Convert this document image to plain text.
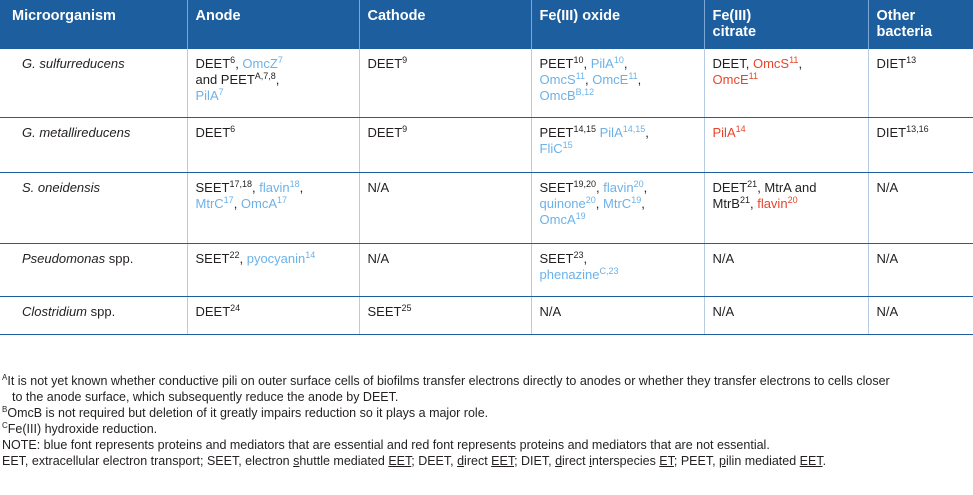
Microorganism	Anode	Cathode	Fe(III) oxide	Fe(III)
citrate	Other
bacteria
G. sulfurreducens	DEET$^6$, OmcZ$^7$
and $PEET^{A,7,8}$,
PilA$^7$	DEET$^9$	PEET$^{10}$, PilA$^{10}$,
OmcS$^{11}$, OmcE$^{11}$,
OmcB$^{B,12}$	DEET, OmcS$^{11}$,
OmcE$^{11}$	DIET$^{13}$
G. metallireducens	DEET$^6$	DEET$^9$	PEET$^{14,15}$ PilA$^{14,15}$,
FliC$^{15}$	PilA$^{14}$	DIET$^{13,16}$
S. oneidensis	SEET$^{17,18}$, flavin$^{18}$,
MtrC$^{17}$, OmcA$^{17}$	N/A	SEET$^{19,20}$, flavin$^{20}$,
quinone$^{20}$, MtrC$^{19}$,
OmcA$^{19}$	DEET$^{21}$, MtrA and
MtrB$^{21}$, flavin$^{20}$	N/A
Pseudomonas spp.	SEET$^{22}$, pyocyanin$^{14}$	N/A	SEET$^{23}$,
phenazine$^{C,23}$	N/A	N/A
Clostridium spp.	DEET$^{24}$	SEET$^{25}$	N/A	N/A	N/A
$^A$It is not yet known whether conductive pili on outer surface cells of biofilms transfer electrons directly to anodes or whether they transfer electrons to cells closer
to the anode surface, which subsequently reduce the anode by DEET.
$^B$OmcB is not required but deletion of it greatly impairs reduction so it plays a major role.
$^C$Fe(III) hydroxide reduction.
NOTE: blue font represents proteins and mediators that are essential and red font represents proteins and mediators that are not essential.
EET, extracellular electron transport; SEET, electron shuttle mediated EET; DEET, direct EET; DIET, direct interspecies ET; PEET, pilin mediated EET.
